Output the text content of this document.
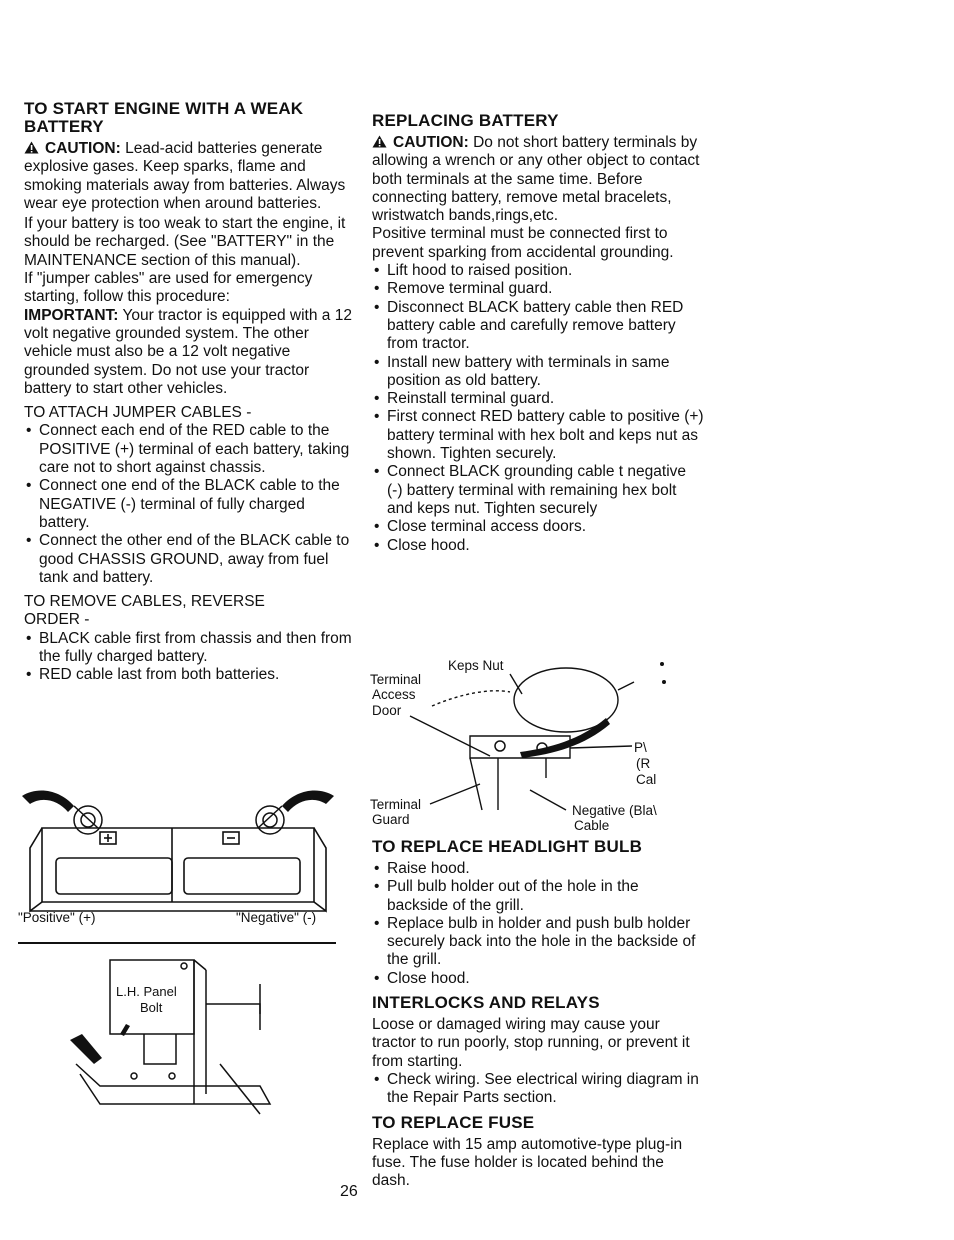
TO START ENGINE WITH A WEAK BATTERY

CAUTION: Lead-acid batteries generate explosive gases. Keep sparks, flame and smoking materials away from batteries. Always wear eye protection when around batteries.

If your battery is too weak to start the engine, it should be recharged. (See "BATTERY" in the MAINTENANCE section of this manual).

If "jumper cables" are used for emergency starting, follow this procedure:

IMPORTANT: Your tractor is equipped with a 12 volt negative grounded system. The other vehicle must also be a 12 volt negative grounded system. Do not use your tractor battery to start other vehicles.

TO ATTACH JUMPER CABLES -

• Connect each end of the RED cable to the POSITIVE (+) terminal of each battery, taking care not to short against chassis.
• Connect one end of the BLACK cable to the NEGATIVE (-) terminal of fully charged battery.
• Connect the other end of the BLACK cable to good CHASSIS GROUND, away from fuel tank and battery.

TO REMOVE CABLES, REVERSE ORDER -

• BLACK cable first from chassis and then from the fully charged battery.
• RED cable last from both batteries.
"Positive" (+)	"Negative" (-)
L.H. Panel
Bolt
REPLACING BATTERY

CAUTION: Do not short battery terminals by allowing a wrench or any other object to contact both terminals at the same time. Before connecting battery, remove metal bracelets, wristwatch bands,rings,etc.

Positive terminal must be connected first to prevent sparking from accidental grounding.

• Lift hood to raised position.
• Remove terminal guard.
• Disconnect BLACK battery cable then RED battery cable and carefully remove battery from tractor.
• Install new battery with terminals in same position as old battery.
• Reinstall terminal guard.
• First connect RED battery cable to positive (+) battery terminal with hex bolt and keps nut as shown. Tighten securely.
• Connect BLACK grounding cable t negative (-) battery terminal with remaining hex bolt and keps nut. Tighten securely
• Close terminal access doors.
• Close hood.
Keps Nut
Terminal
Access
Door
Terminal
Guard
Negative (Bla\
Cable
P\
(R
Cal
TO REPLACE HEADLIGHT BULB
• Raise hood.
• Pull bulb holder out of the hole in the backside of the grill.
• Replace bulb in holder and push bulb holder securely back into the hole in the backside of the grill.
• Close hood.
INTERLOCKS AND RELAYS

Loose or damaged wiring may cause your tractor to run poorly, stop running, or prevent it from starting.

• Check wiring. See electrical wiring diagram in the Repair Parts section.
TO REPLACE FUSE

Replace with 15 amp automotive-type plug-in fuse. The fuse holder is located behind the dash.

26
